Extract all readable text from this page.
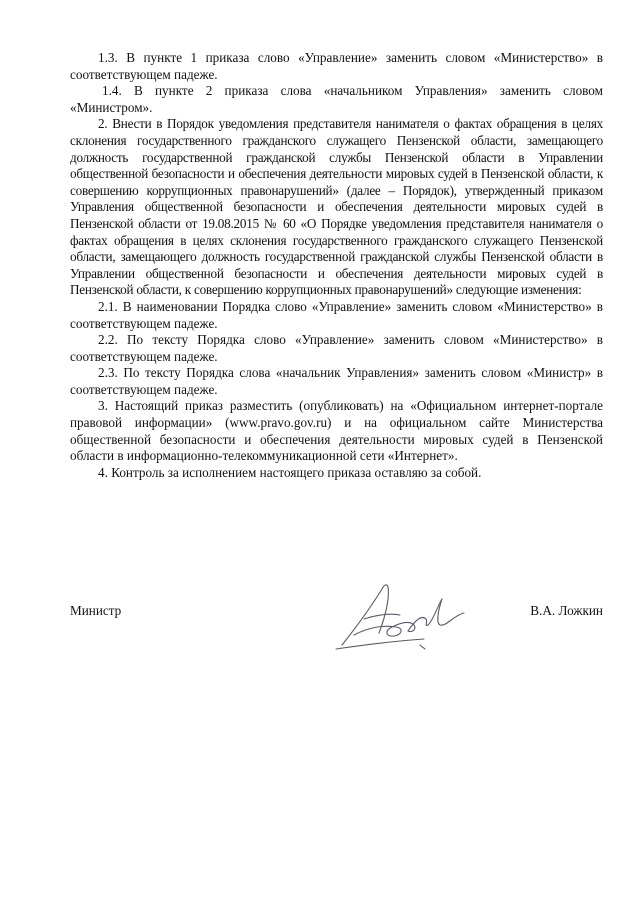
1.3. В пункте 1 приказа слово «Управление» заменить словом «Министерство» в соответствующем падеже.

1.4. В пункте 2 приказа слова «начальником Управления» заменить словом «Министром».

2. Внести в Порядок уведомления представителя нанимателя о фактах обращения в целях склонения государственного гражданского служащего Пензенской области, замещающего должность государственной гражданской службы Пензенской области в Управлении общественной безопасности и обеспечения деятельности мировых судей в Пензенской области, к совершению коррупционных правонарушений» (далее – Порядок), утвержденный приказом Управления общественной безопасности и обеспечения деятельности мировых судей в Пензенской области от 19.08.2015 № 60 «О Порядке уведомления представителя нанимателя о фактах обращения в целях склонения государственного гражданского служащего Пензенской области, замещающего должность государственной гражданской службы Пензенской области в Управлении общественной безопасности и обеспечения деятельности мировых судей в Пензенской области, к совершению коррупционных правонарушений» следующие изменения:

2.1. В наименовании Порядка слово «Управление» заменить словом «Министерство» в соответствующем падеже.

2.2. По тексту Порядка слово «Управление» заменить словом «Министерство» в соответствующем падеже.

2.3. По тексту Порядка слова «начальник Управления» заменить словом «Министр» в соответствующем падеже.

3. Настоящий приказ разместить (опубликовать) на «Официальном интернет-портале правовой информации» (www.pravo.gov.ru) и на официальном сайте Министерства общественной безопасности и обеспечения деятельности мировых судей в Пензенской области в информационно-телекоммуникационной сети «Интернет».

4. Контроль за исполнением настоящего приказа оставляю за собой.

Министр	В.А. Ложкин
